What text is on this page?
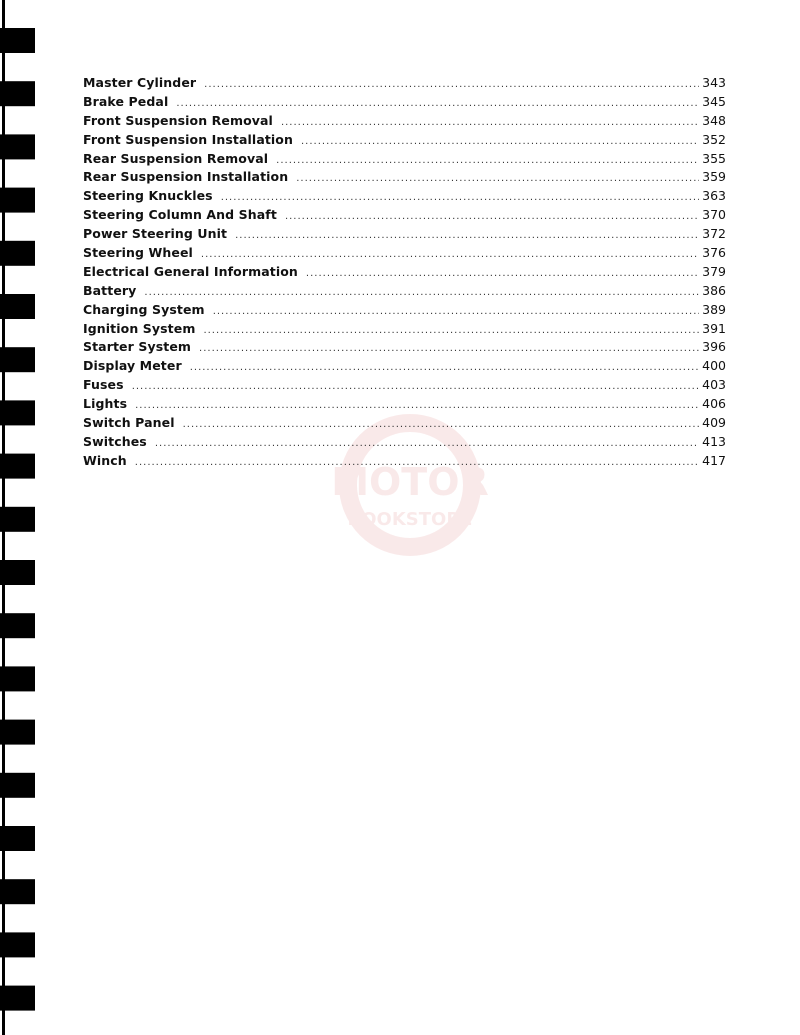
MOTOR
BOOKSTORE
Master Cylinder .....	343
Brake Pedal .....	345
Front Suspension Removal .....	348
Front Suspension Installation .....	352
Rear Suspension Removal .....	355
Rear Suspension Installation .....	359
Steering Knuckles .....	363
Steering Column And Shaft .....	370
Power Steering Unit .....	372
Steering Wheel .....	376
Electrical General Information .....	379
Battery .....	386
Charging System .....	389
Ignition System .....	391
Starter System .....	396
Display Meter .....	400
Fuses .....	403
Lights .....	406
Switch Panel .....	409
Switches .....	413
Winch .....	417
